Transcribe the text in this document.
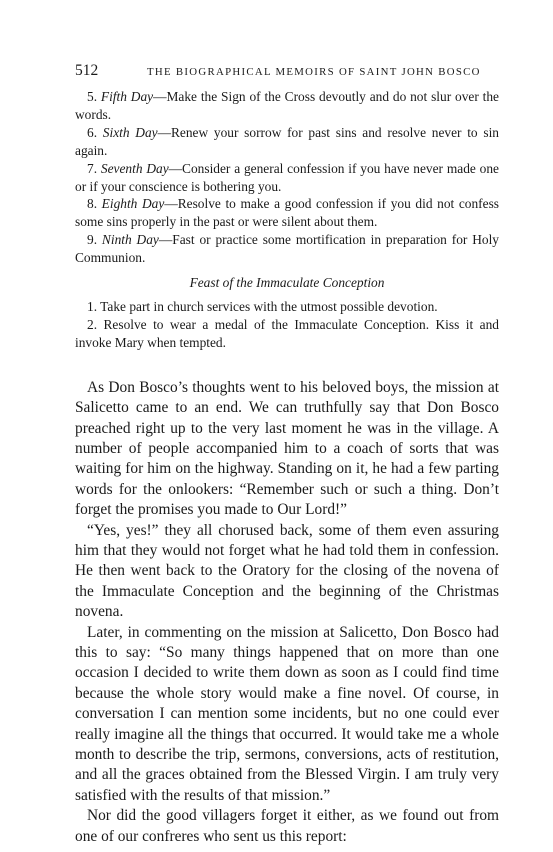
512	THE BIOGRAPHICAL MEMOIRS OF SAINT JOHN BOSCO

5. Fifth Day—Make the Sign of the Cross devoutly and do not slur over the words.

6. Sixth Day—Renew your sorrow for past sins and resolve never to sin again.

7. Seventh Day—Consider a general confession if you have never made one or if your conscience is bothering you.

8. Eighth Day—Resolve to make a good confession if you did not confess some sins properly in the past or were silent about them.

9. Ninth Day—Fast or practice some mortification in preparation for Holy Communion.

Feast of the Immaculate Conception

1. Take part in church services with the utmost possible devotion.

2. Resolve to wear a medal of the Immaculate Conception. Kiss it and invoke Mary when tempted.

As Don Bosco’s thoughts went to his beloved boys, the mission at Salicetto came to an end. We can truthfully say that Don Bosco preached right up to the very last moment he was in the village. A number of people accompanied him to a coach of sorts that was waiting for him on the highway. Standing on it, he had a few parting words for the onlookers: “Remember such or such a thing. Don’t forget the promises you made to Our Lord!”

“Yes, yes!” they all chorused back, some of them even assuring him that they would not forget what he had told them in confession. He then went back to the Oratory for the closing of the novena of the Immaculate Conception and the beginning of the Christmas novena.

Later, in commenting on the mission at Salicetto, Don Bosco had this to say: “So many things happened that on more than one occasion I decided to write them down as soon as I could find time because the whole story would make a fine novel. Of course, in conversation I can mention some incidents, but no one could ever really imagine all the things that occurred. It would take me a whole month to describe the trip, sermons, conversions, acts of restitution, and all the graces obtained from the Blessed Virgin. I am truly very satisfied with the results of that mission.”

Nor did the good villagers forget it either, as we found out from one of our confreres who sent us this report:
